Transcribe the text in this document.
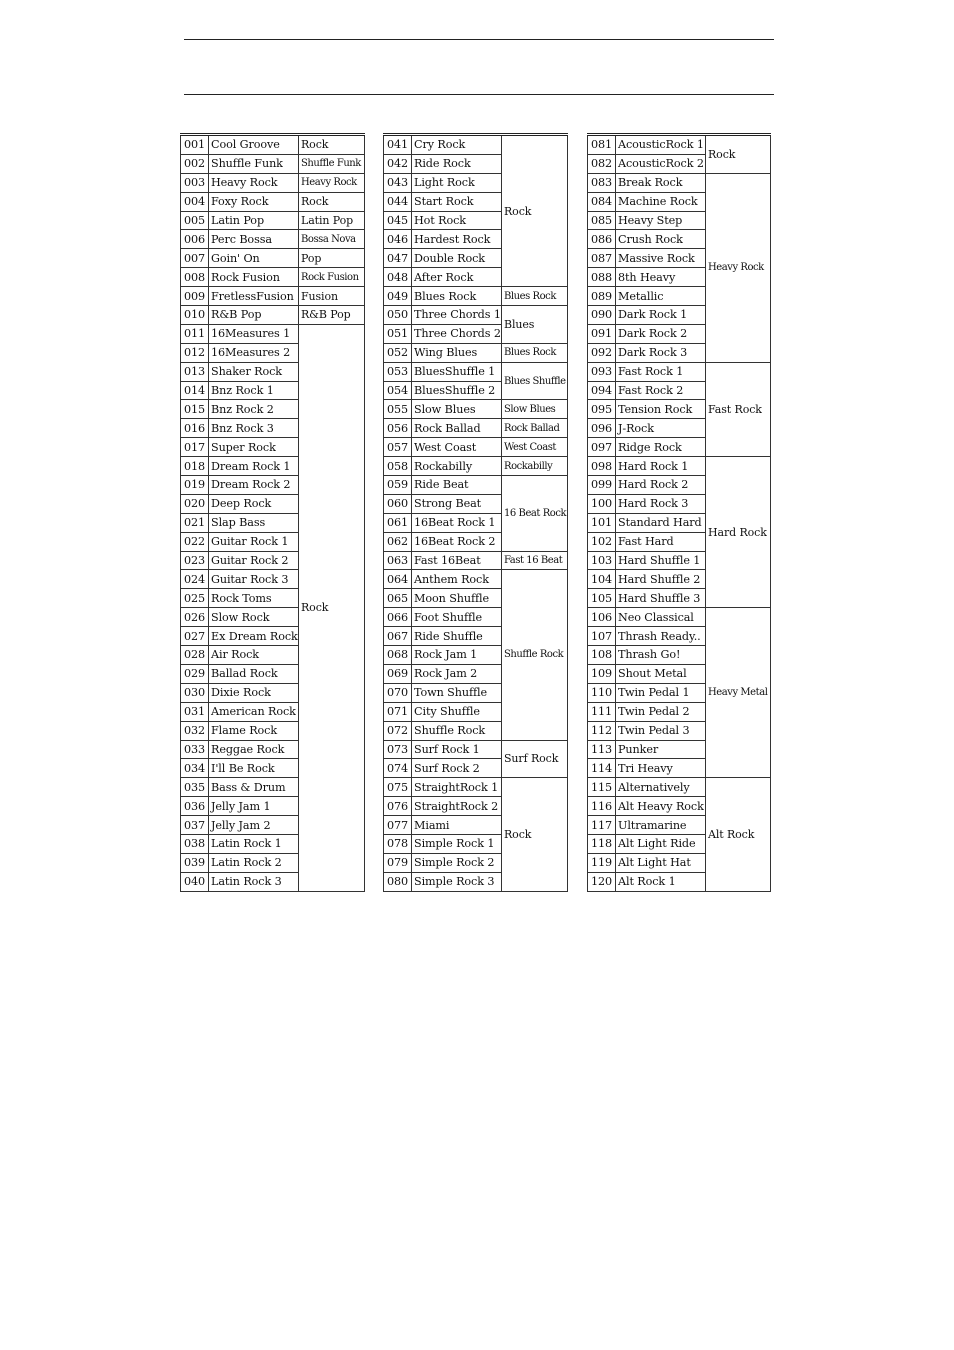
001	Cool Groove	Rock
002	Shuffle Funk	Shuffle Funk
003	Heavy Rock	Heavy Rock
004	Foxy Rock	Rock
005	Latin Pop	Latin Pop
006	Perc Bossa	Bossa Nova
007	Goin' On	Pop
008	Rock Fusion	Rock Fusion
009	FretlessFusion	Fusion
010	R&B Pop	R&B Pop
011	16Measures 1	Rock
012	16Measures 2	
013	Shaker Rock	
014	Bnz Rock 1	
015	Bnz Rock 2	
016	Bnz Rock 3	
017	Super Rock	
018	Dream Rock 1	
019	Dream Rock 2	
020	Deep Rock	
021	Slap Bass	
022	Guitar Rock 1	
023	Guitar Rock 2	
024	Guitar Rock 3	
025	Rock Toms	
026	Slow Rock	
027	Ex Dream Rock	
028	Air Rock	
029	Ballad Rock	
030	Dixie Rock	
031	American Rock	
032	Flame Rock	
033	Reggae Rock	
034	I'll Be Rock	
035	Bass & Drum	
036	Jelly Jam 1	
037	Jelly Jam 2	
038	Latin Rock 1	
039	Latin Rock 2	
040	Latin Rock 3	
041	Cry Rock	Rock
042	Ride Rock	
043	Light Rock	
044	Start Rock	
045	Hot Rock	
046	Hardest Rock	
047	Double Rock	
048	After Rock	
049	Blues Rock	Blues Rock
050	Three Chords 1	Blues
051	Three Chords 2	
052	Wing Blues	Blues Rock
053	BluesShuffle 1	Blues Shuffle
054	BluesShuffle 2	
055	Slow Blues	Slow Blues
056	Rock Ballad	Rock Ballad
057	West Coast	West Coast
058	Rockabilly	Rockabilly
059	Ride Beat	16 Beat Rock
060	Strong Beat	
061	16Beat Rock 1	
062	16Beat Rock 2	
063	Fast 16Beat	Fast 16 Beat
064	Anthem Rock	Shuffle Rock
065	Moon Shuffle	
066	Foot Shuffle	
067	Ride Shuffle	
068	Rock Jam 1	
069	Rock Jam 2	
070	Town Shuffle	
071	City Shuffle	
072	Shuffle Rock	
073	Surf Rock 1	Surf Rock
074	Surf Rock 2	
075	StraightRock 1	Rock
076	StraightRock 2	
077	Miami	
078	Simple Rock 1	
079	Simple Rock 2	
080	Simple Rock 3	
081	AcousticRock 1	Rock
082	AcousticRock 2	
083	Break Rock	Heavy Rock
084	Machine Rock	
085	Heavy Step	
086	Crush Rock	
087	Massive Rock	
088	8th Heavy	
089	Metallic	
090	Dark Rock 1	
091	Dark Rock 2	
092	Dark Rock 3	
093	Fast Rock 1	Fast Rock
094	Fast Rock 2	
095	Tension Rock	
096	J-Rock	
097	Ridge Rock	
098	Hard Rock 1	Hard Rock
099	Hard Rock 2	
100	Hard Rock 3	
101	Standard Hard	
102	Fast Hard	
103	Hard Shuffle 1	
104	Hard Shuffle 2	
105	Hard Shuffle 3	
106	Neo Classical	Heavy Metal
107	Thrash Ready..	
108	Thrash Go!	
109	Shout Metal	
110	Twin Pedal 1	
111	Twin Pedal 2	
112	Twin Pedal 3	
113	Punker	
114	Tri Heavy	
115	Alternatively	Alt Rock
116	Alt Heavy Rock	
117	Ultramarine	
118	Alt Light Ride	
119	Alt Light Hat	
120	Alt Rock 1	
